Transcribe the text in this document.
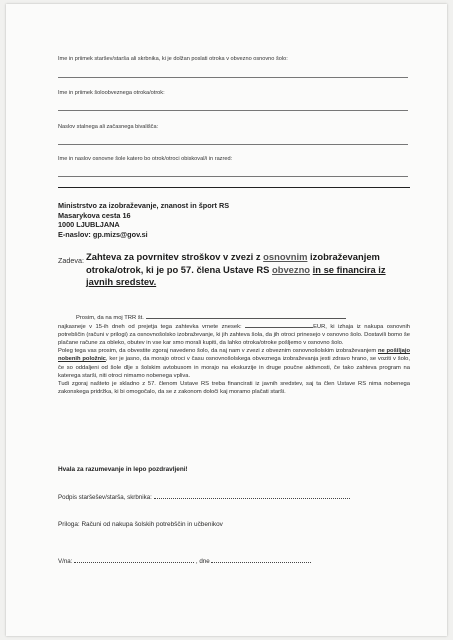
Ime in priimek staršev/starša ali skrbnika, ki je dolžan poslati otroka v obvezno osnovno šolo:
Ime in priimek šoloobveznega otroka/otrok:
Naslov stalnega ali začasnega bivališča:
Ime in naslov osnovne šole katero bo otrok/otroci obiskoval/i in razred:
Ministrstvo za izobraževanje, znanost in šport RS
Masarykova cesta 16
1000 LJUBLJANA
E-naslov: gp.mizs@gov.si
Zadeva: Zahteva za povrnitev stroškov v zvezi z osnovnim izobraževanjem otroka/otrok, ki je po 57. člena Ustave RS obvezno in se financira iz javnih sredstev.

Prosim, da na moj TRR št.

najkasneje v 15-ih dneh od prejetja tega zahtevka vrnete znesek:	EUR, ki izhaja iz nakupa osnovnih potrebščin (računi v prilogi) za osnovnošolsko izobraževanje, ki jih zahteva šola, da jih otroci prinesejo v osnovno šolo. Dostavili bomo še plačane račune za obleko, obutev in vse kar smo morali kupiti, da lahko otroka/otroke pošljemo v osnovno šolo.

Poleg tega vas prosim, da obvestite zgoraj navedeno šolo, da naj nam v zvezi z obveznim osnovnošolskim izobraževanjem ne pošiljajo nobenih položnic, ker je jasno, da morajo otroci v času osnovnošolskega obveznega izobraževanja jesti zdravo hrano, se voziti v šolo, če so oddaljeni od šole dlje s šolskim avtobusom in morajo na ekskurzije in druge poučne aktivnosti, če tako zahteva program na katerega starši, niti otroci nimamo nobenega vpliva.

Tudi zgoraj našteto je skladno z 57. členom Ustave RS treba financirati iz javnih sredstev, saj ta člen Ustave RS nima nobenega zakonskega pridržka, ki bi omogočalo, da se z zakonom določi kaj moramo plačati starši.

Hvala za razumevanje in lepo pozdravljeni!
Podpis staršešev/starša, skrbnika:
Priloga: Računi od nakupa šolskih potrebščin in učbenikov
V/na:	, dne
